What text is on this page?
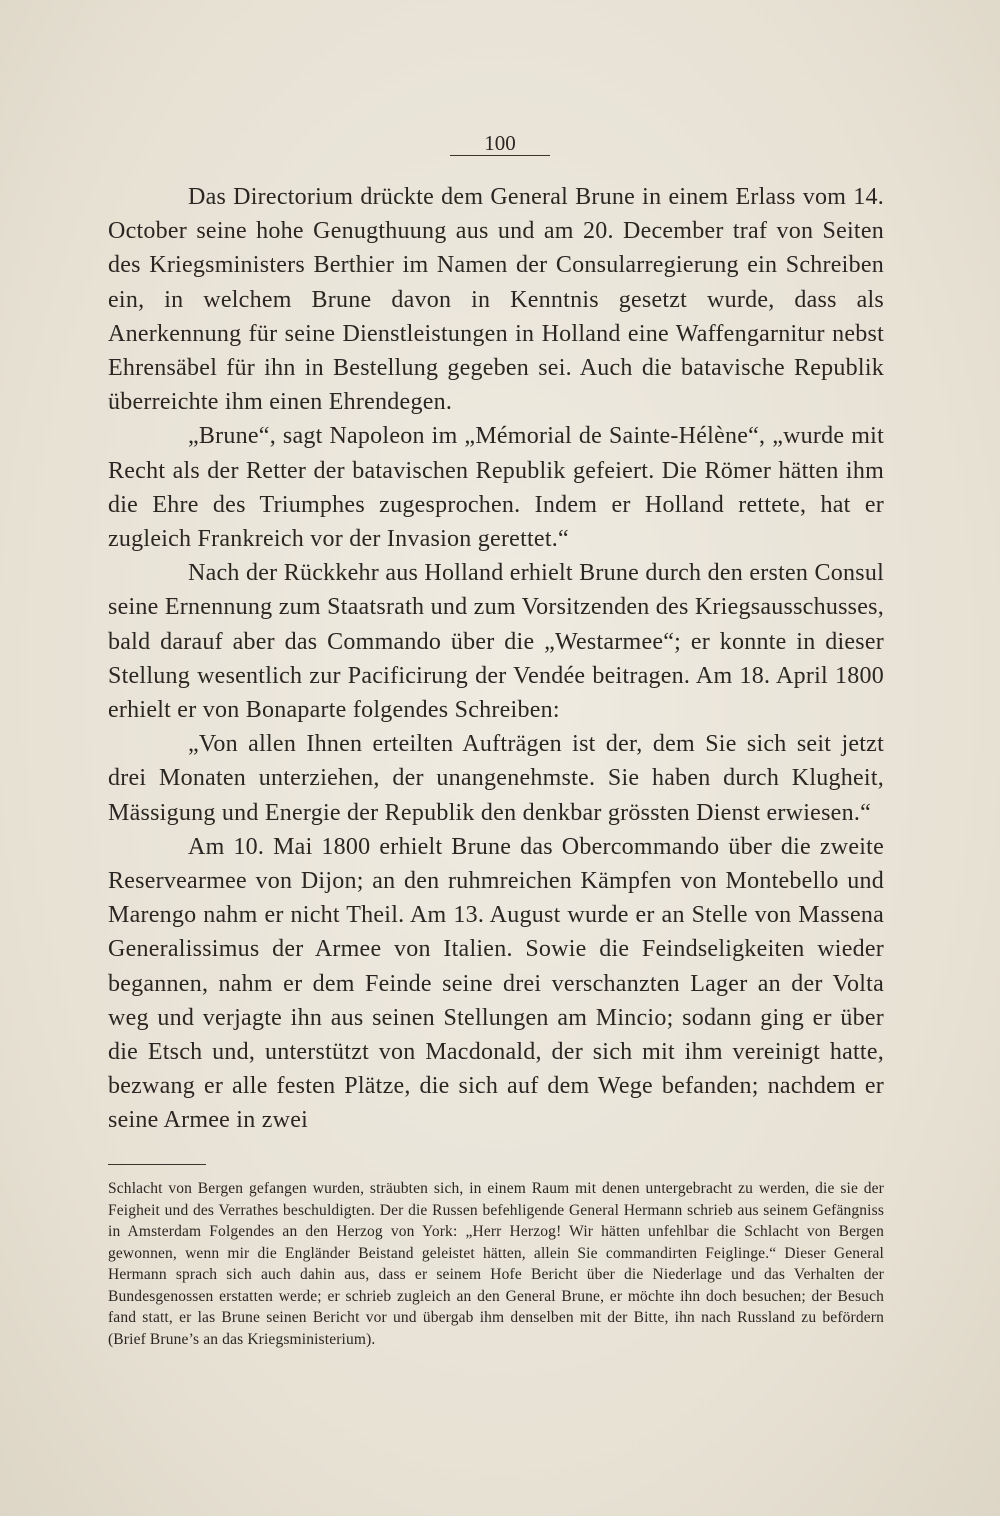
100

Das Directorium drückte dem General Brune in einem Erlass vom 14. October seine hohe Genugthuung aus und am 20. December traf von Seiten des Kriegsministers Berthier im Namen der Consularregierung ein Schreiben ein, in welchem Brune davon in Kenntnis gesetzt wurde, dass als Anerkennung für seine Dienstleistungen in Holland eine Waffengarnitur nebst Ehrensäbel für ihn in Bestellung gegeben sei. Auch die batavische Republik überreichte ihm einen Ehrendegen.

„Brune“, sagt Napoleon im „Mémorial de Sainte-Hélène“, „wurde mit Recht als der Retter der batavischen Republik gefeiert. Die Römer hätten ihm die Ehre des Triumphes zugesprochen. Indem er Holland rettete, hat er zugleich Frankreich vor der Invasion gerettet.“

Nach der Rückkehr aus Holland erhielt Brune durch den ersten Consul seine Ernennung zum Staatsrath und zum Vorsitzenden des Kriegsausschusses, bald darauf aber das Commando über die „Westarmee“; er konnte in dieser Stellung wesentlich zur Pacificirung der Vendée beitragen. Am 18. April 1800 erhielt er von Bonaparte folgendes Schreiben:

„Von allen Ihnen erteilten Aufträgen ist der, dem Sie sich seit jetzt drei Monaten unterziehen, der unangenehmste. Sie haben durch Klugheit, Mässigung und Energie der Republik den denkbar grössten Dienst erwiesen.“

Am 10. Mai 1800 erhielt Brune das Obercommando über die zweite Reservearmee von Dijon; an den ruhmreichen Kämpfen von Montebello und Marengo nahm er nicht Theil. Am 13. August wurde er an Stelle von Massena Generalissimus der Armee von Italien. Sowie die Feindseligkeiten wieder begannen, nahm er dem Feinde seine drei verschanzten Lager an der Volta weg und verjagte ihn aus seinen Stellungen am Mincio; sodann ging er über die Etsch und, unterstützt von Macdonald, der sich mit ihm vereinigt hatte, bezwang er alle festen Plätze, die sich auf dem Wege befanden; nachdem er seine Armee in zwei

Schlacht von Bergen gefangen wurden, sträubten sich, in einem Raum mit denen untergebracht zu werden, die sie der Feigheit und des Verrathes beschuldigten. Der die Russen befehligende General Hermann schrieb aus seinem Gefängniss in Amsterdam Folgendes an den Herzog von York: „Herr Herzog! Wir hätten unfehlbar die Schlacht von Bergen gewonnen, wenn mir die Engländer Beistand geleistet hätten, allein Sie commandirten Feiglinge.“ Dieser General Hermann sprach sich auch dahin aus, dass er seinem Hofe Bericht über die Niederlage und das Verhalten der Bundesgenossen erstatten werde; er schrieb zugleich an den General Brune, er möchte ihn doch besuchen; der Besuch fand statt, er las Brune seinen Bericht vor und übergab ihm denselben mit der Bitte, ihn nach Russland zu befördern (Brief Brune’s an das Kriegsministerium).
